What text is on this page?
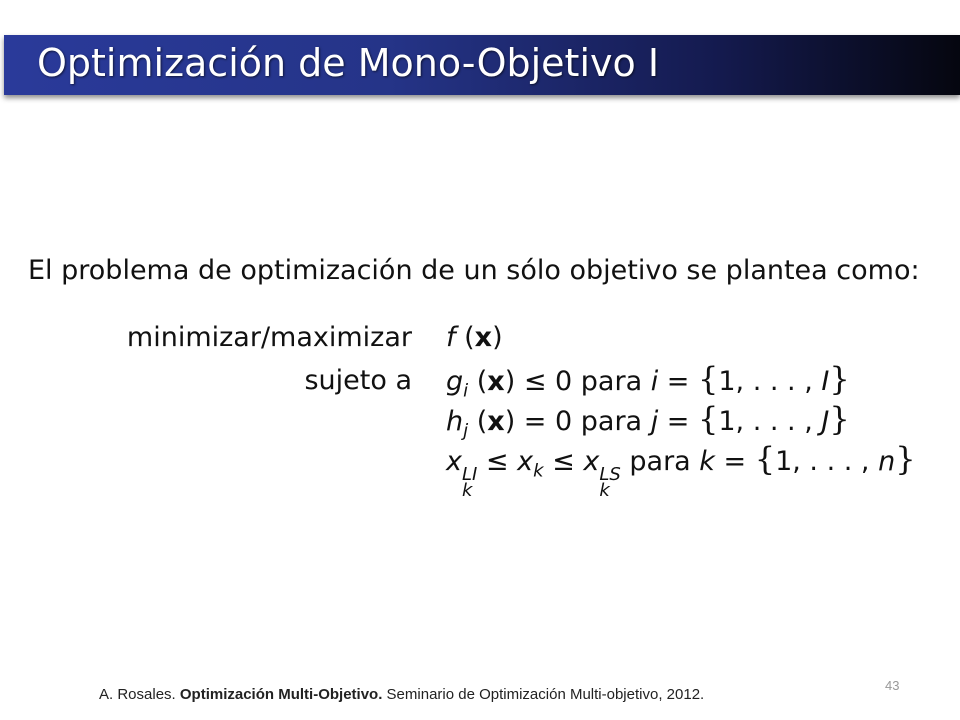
Optimización de Mono-Objetivo I
El problema de optimización de un sólo objetivo se plantea como:
minimizar/maximizar f (x)
sujeto a $g_i$ (x) ≤ 0 para i = {1, . . . , I}
$h_j$ (x) = 0 para j = {1, . . . , J}
x LI
k
≤ $x_k \le x$ LS
k
para k = {1, . . . , n}
43
A. Rosales. Optimización Multi-Objetivo. Seminario de Optimización Multi-objetivo, 2012.
